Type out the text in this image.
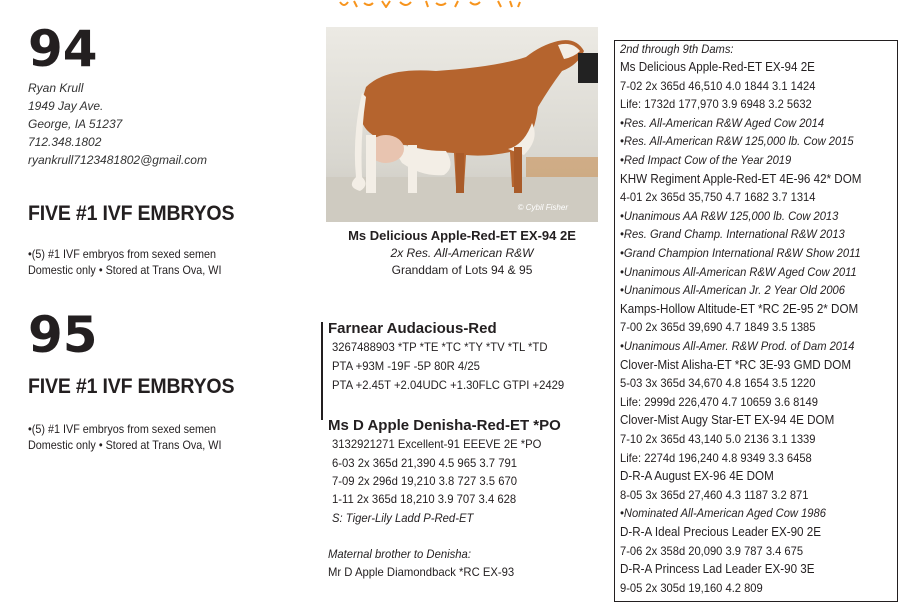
94
Ryan Krull
1949 Jay Ave.
George, IA 51237
712.348.1802
ryankrull7123481802@gmail.com
FIVE #1 IVF EMBRYOS
•(5) #1 IVF embryos from sexed semen
Domestic only • Stored at Trans Ova, WI
95
FIVE #1 IVF EMBRYOS
•(5) #1 IVF embryos from sexed semen
Domestic only • Stored at Trans Ova, WI
© Cybil Fisher
Ms Delicious Apple-Red-ET EX-94 2E
2x Res. All-American R&W
Granddam of Lots 94 & 95
Farnear Audacious-Red
3267488903 *TP *TE *TC *TY *TV *TL *TD
PTA +93M -19F -5P 80R 4/25
PTA +2.45T +2.04UDC +1.30FLC GTPI +2429
Ms D Apple Denisha-Red-ET *PO
3132921271 Excellent-91 EEEVE 2E *PO
6-03 2x 365d 21,390 4.5 965 3.7 791
7-09 2x 296d 19,210 3.8 727 3.5 670
1-11 2x 365d 18,210 3.9 707 3.4 628
S: Tiger-Lily Ladd P-Red-ET
Maternal brother to Denisha:
Mr D Apple Diamondback *RC EX-93
2nd through 9th Dams:
Ms Delicious Apple-Red-ET EX-94 2E
7-02 2x 365d 46,510 4.0 1844 3.1 1424
Life: 1732d 177,970 3.9 6948 3.2 5632
•Res. All-American R&W Aged Cow 2014
•Res. All-American R&W 125,000 lb. Cow 2015
•Red Impact Cow of the Year 2019
KHW Regiment Apple-Red-ET 4E-96 42* DOM
4-01 2x 365d 35,750 4.7 1682 3.7 1314
•Unanimous AA R&W 125,000 lb. Cow 2013
•Res. Grand Champ. International R&W 2013
•Grand Champion International R&W Show 2011
•Unanimous All-American R&W Aged Cow 2011
•Unanimous All-American Jr. 2 Year Old 2006
Kamps-Hollow Altitude-ET *RC 2E-95 2* DOM
7-00 2x 365d 39,690 4.7 1849 3.5 1385
•Unanimous All-Amer. R&W Prod. of Dam 2014
Clover-Mist Alisha-ET *RC 3E-93 GMD DOM
5-03 3x 365d 34,670 4.8 1654 3.5 1220
Life: 2999d 226,470 4.7 10659 3.6 8149
Clover-Mist Augy Star-ET EX-94 4E DOM
7-10 2x 365d 43,140 5.0 2136 3.1 1339
Life: 2274d 196,240 4.8 9349 3.3 6458
D-R-A August EX-96 4E DOM
8-05 3x 365d 27,460 4.3 1187 3.2 871
•Nominated All-American Aged Cow 1986
D-R-A Ideal Precious Leader EX-90 2E
7-06 2x 358d 20,090 3.9 787 3.4 675
D-R-A Princess Lad Leader EX-90 3E
9-05 2x 305d 19,160 4.2 809
